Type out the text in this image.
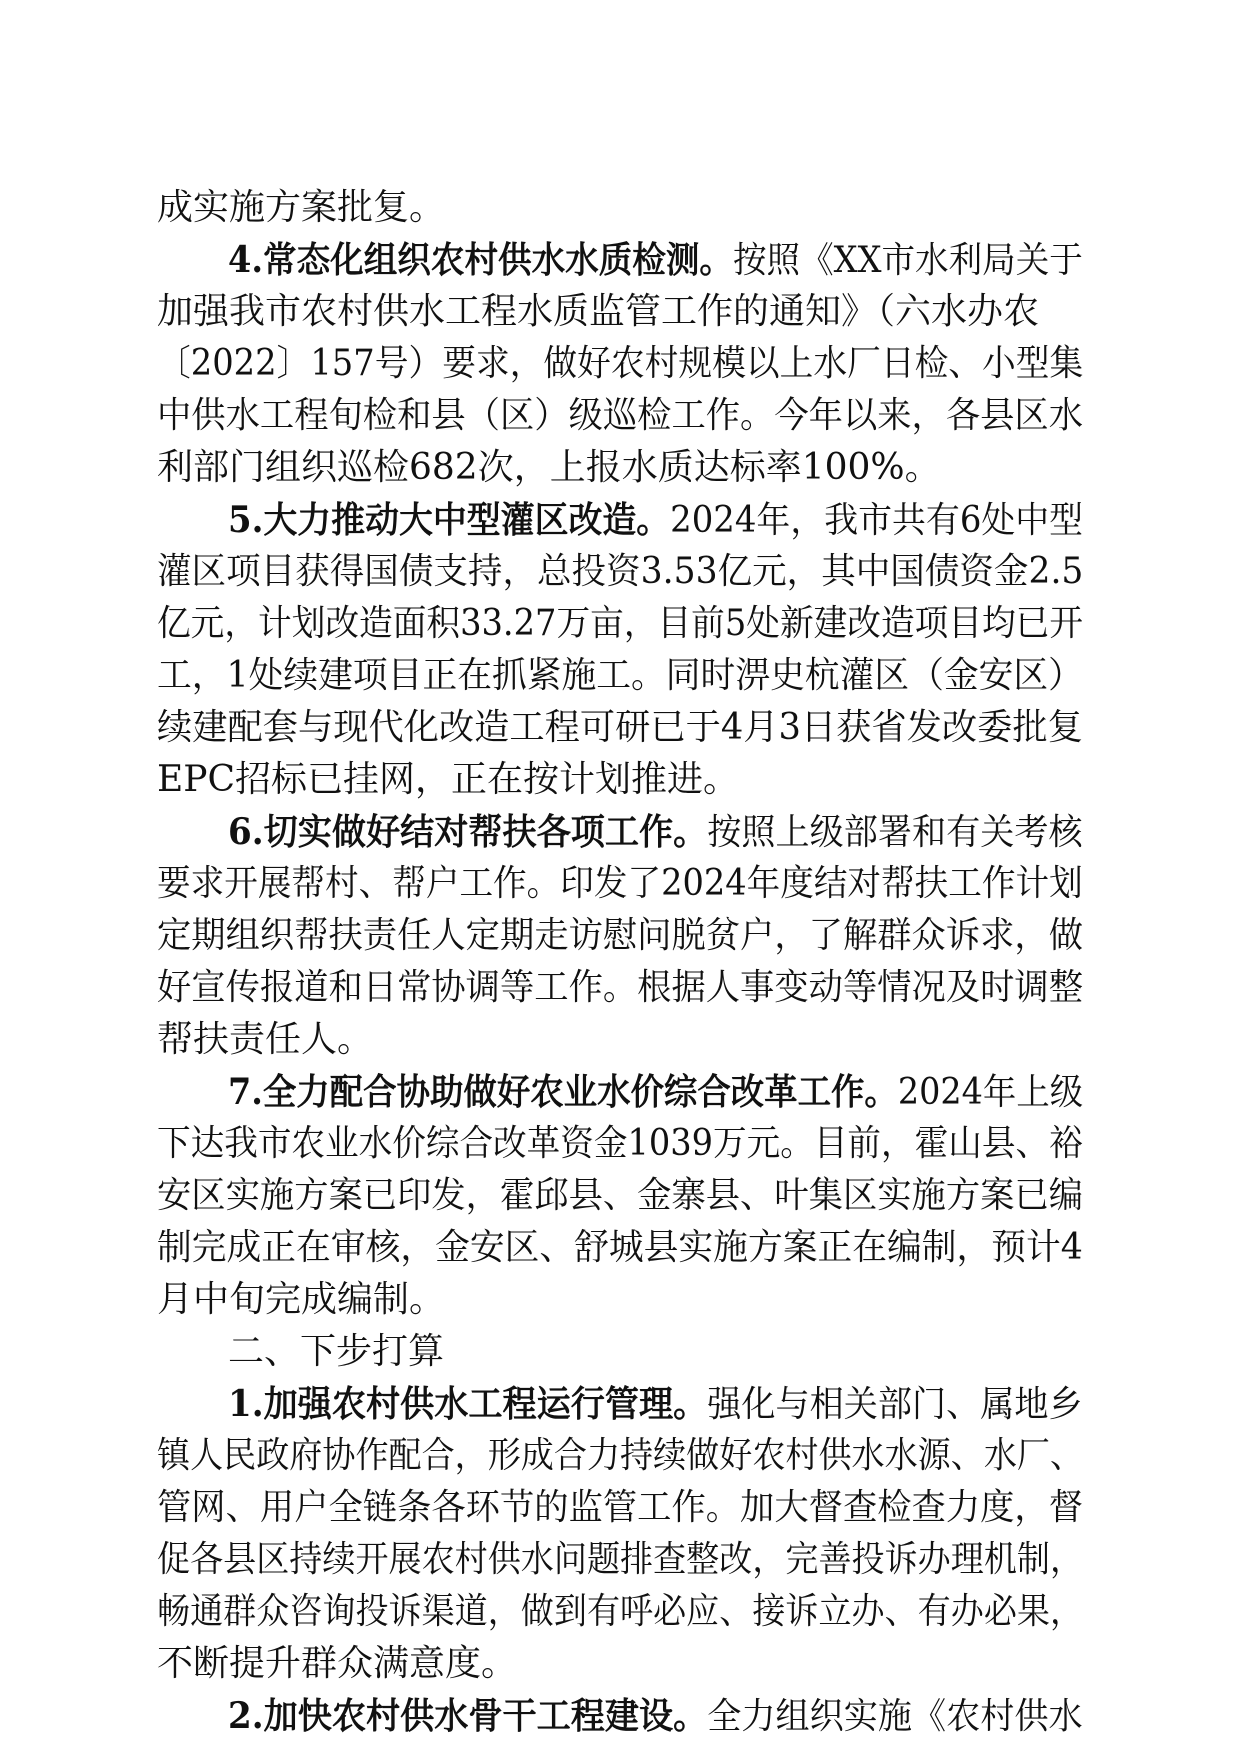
成实施方案批复。
4.常态化组织农村供水水质检测。按照《XX市水利局关于
加强我市农村供水工程水质监管工作的通知》（六水办农
〔2022〕157号）要求，做好农村规模以上水厂日检、小型集
中供水工程旬检和县（区）级巡检工作。今年以来，各县区水
利部门组织巡检682次，上报水质达标率100%。
5.大力推动大中型灌区改造。2024年，我市共有6处中型
灌区项目获得国债支持，总投资3.53亿元，其中国债资金2.5
亿元，计划改造面积33.27万亩，目前5处新建改造项目均已开
工，1处续建项目正在抓紧施工。同时淠史杭灌区（金安区）
续建配套与现代化改造工程可研已于4月3日获省发改委批复
EPC招标已挂网，正在按计划推进。
6.切实做好结对帮扶各项工作。按照上级部署和有关考核
要求开展帮村、帮户工作。印发了2024年度结对帮扶工作计划
定期组织帮扶责任人定期走访慰问脱贫户，了解群众诉求，做
好宣传报道和日常协调等工作。根据人事变动等情况及时调整
帮扶责任人。
7.全力配合协助做好农业水价综合改革工作。2024年上级
下达我市农业水价综合改革资金1039万元。目前，霍山县、裕
安区实施方案已印发，霍邱县、金寨县、叶集区实施方案已编
制完成正在审核，金安区、舒城县实施方案正在编制，预计4
月中旬完成编制。
二、下步打算
1.加强农村供水工程运行管理。强化与相关部门、属地乡
镇人民政府协作配合，形成合力持续做好农村供水水源、水厂、
管网、用户全链条各环节的监管工作。加大督查检查力度，督
促各县区持续开展农村供水问题排查整改，完善投诉办理机制，
畅通群众咨询投诉渠道，做到有呼必应、接诉立办、有办必果，
不断提升群众满意度。
2.加快农村供水骨干工程建设。全力组织实施《农村供水
